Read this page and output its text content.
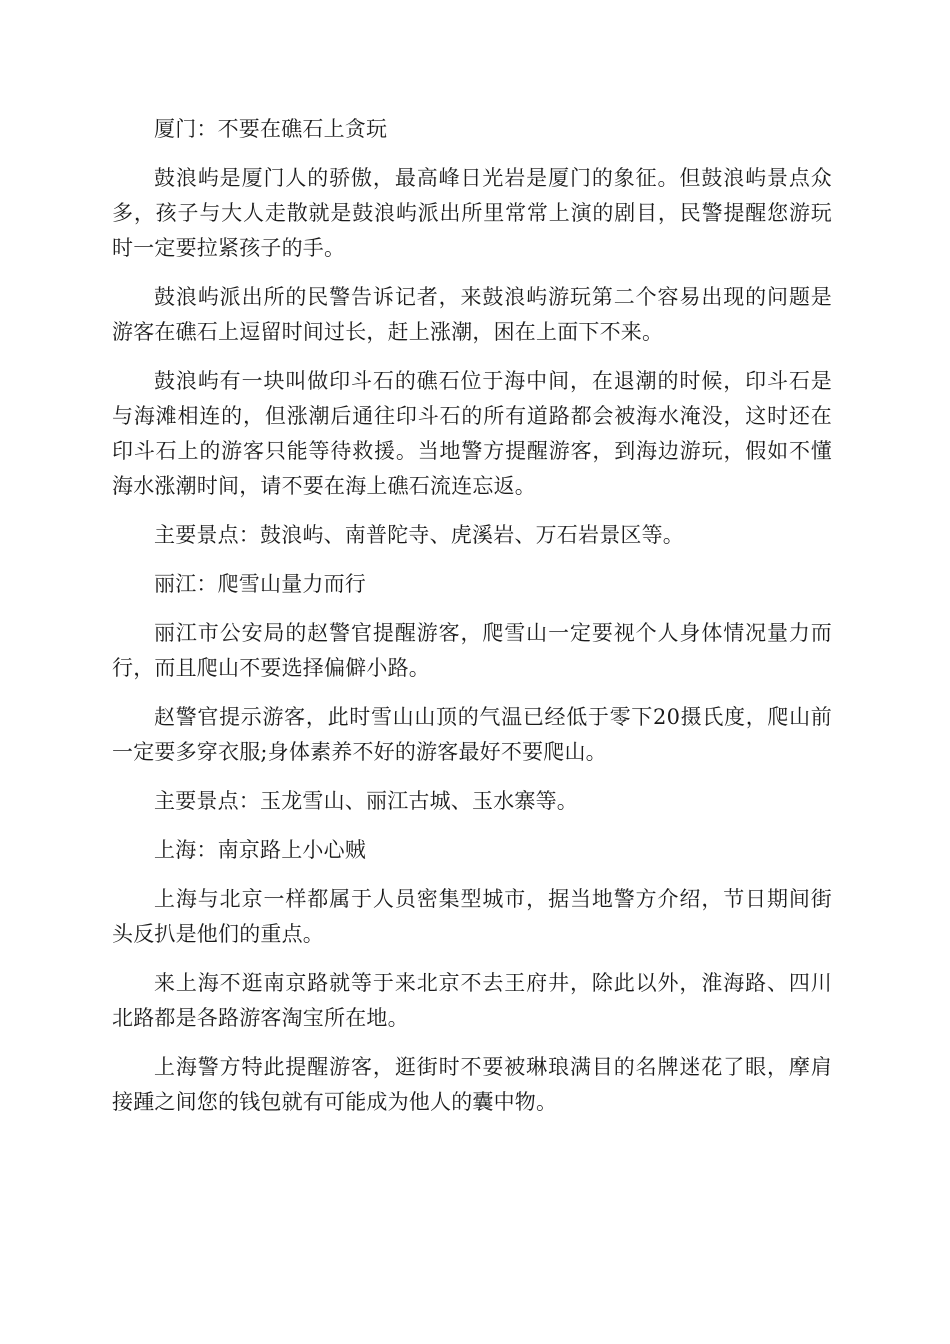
厦门：不要在礁石上贪玩

鼓浪屿是厦门人的骄傲，最高峰日光岩是厦门的象征。但鼓浪屿景点众多，孩子与大人走散就是鼓浪屿派出所里常常上演的剧目，民警提醒您游玩时一定要拉紧孩子的手。

鼓浪屿派出所的民警告诉记者，来鼓浪屿游玩第二个容易出现的问题是游客在礁石上逗留时间过长，赶上涨潮，困在上面下不来。

鼓浪屿有一块叫做印斗石的礁石位于海中间，在退潮的时候，印斗石是与海滩相连的，但涨潮后通往印斗石的所有道路都会被海水淹没，这时还在印斗石上的游客只能等待救援。当地警方提醒游客，到海边游玩，假如不懂海水涨潮时间，请不要在海上礁石流连忘返。

主要景点：鼓浪屿、南普陀寺、虎溪岩、万石岩景区等。

丽江：爬雪山量力而行

丽江市公安局的赵警官提醒游客，爬雪山一定要视个人身体情况量力而行，而且爬山不要选择偏僻小路。

赵警官提示游客，此时雪山山顶的气温已经低于零下20摄氏度，爬山前一定要多穿衣服;身体素养不好的游客最好不要爬山。

主要景点：玉龙雪山、丽江古城、玉水寨等。

上海：南京路上小心贼

上海与北京一样都属于人员密集型城市，据当地警方介绍，节日期间街头反扒是他们的重点。

来上海不逛南京路就等于来北京不去王府井，除此以外，淮海路、四川北路都是各路游客淘宝所在地。

上海警方特此提醒游客，逛街时不要被琳琅满目的名牌迷花了眼，摩肩接踵之间您的钱包就有可能成为他人的囊中物。
